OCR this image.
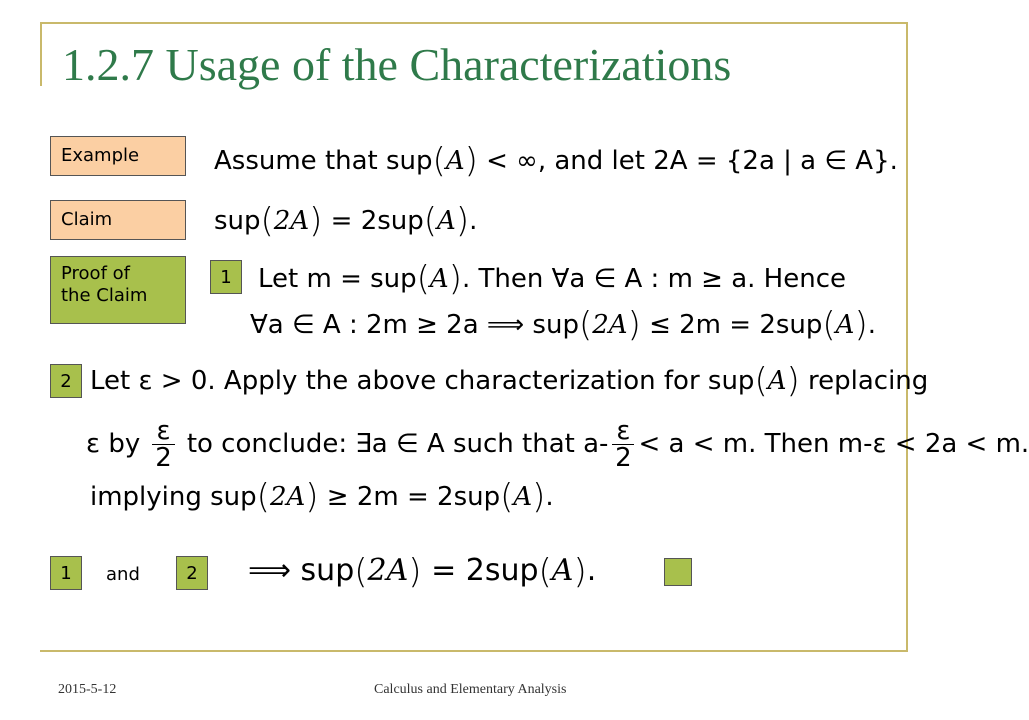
1.2.7 Usage of the Characterizations
Example
Claim
Proof of
the Claim
Assume that sup(A) < ∞, and let 2A = {2a | a ∈ A}.
sup(2A) = 2sup(A).
1 Let m = sup(A). Then ∀a ∈ A : m ≥ a. Hence
∀a ∈ A : 2m ≥ 2a ⟹ sup(2A) ≤ 2m = 2sup(A).
2 Let ε > 0. Apply the above characterization for sup(A) replacing
ε by $\frac{\varepsilon}{2}$ to conclude: ∃a ∈ A such that $a- \frac{\varepsilon}{2} < a < m$. Then m-ε < 2a < m.
implying sup(2A) ≥ 2m = 2sup(A).
1 and	2 ⟹ sup(2A) = 2sup(A).
2015-5-12	Calculus and Elementary Analysis
